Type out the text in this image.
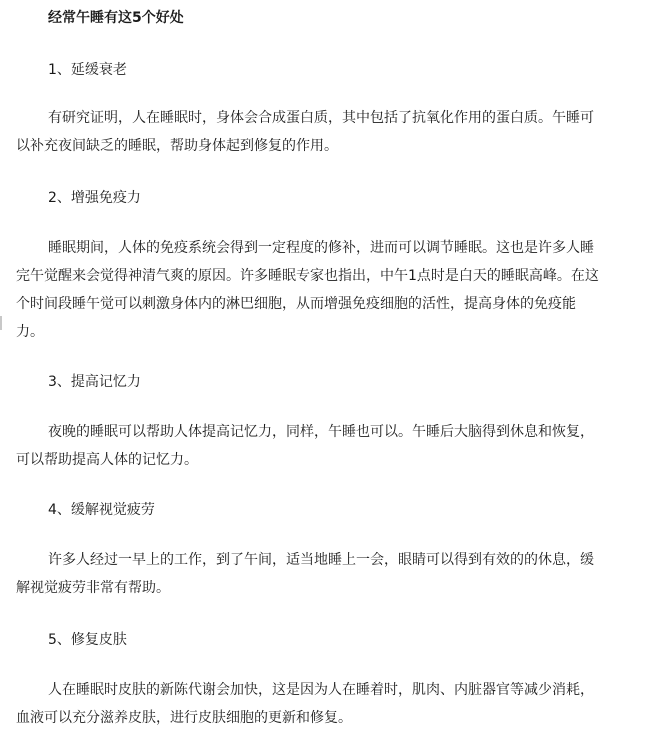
经常午睡有这5个好处

1、延缓衰老

有研究证明，人在睡眠时，身体会合成蛋白质，其中包括了抗氧化作用的蛋白质。午睡可
以补充夜间缺乏的睡眠，帮助身体起到修复的作用。

2、增强免疫力

睡眠期间，人体的免疫系统会得到一定程度的修补，进而可以调节睡眠。这也是许多人睡
完午觉醒来会觉得神清气爽的原因。许多睡眠专家也指出，中午1点时是白天的睡眠高峰。在这
个时间段睡午觉可以刺激身体内的淋巴细胞，从而增强免疫细胞的活性，提高身体的免疫能
力。

3、提高记忆力

夜晚的睡眠可以帮助人体提高记忆力，同样，午睡也可以。午睡后大脑得到休息和恢复，
可以帮助提高人体的记忆力。

4、缓解视觉疲劳

许多人经过一早上的工作，到了午间，适当地睡上一会，眼睛可以得到有效的的休息，缓
解视觉疲劳非常有帮助。

5、修复皮肤

人在睡眠时皮肤的新陈代谢会加快，这是因为人在睡着时，肌肉、内脏器官等减少消耗，
血液可以充分滋养皮肤，进行皮肤细胞的更新和修复。
